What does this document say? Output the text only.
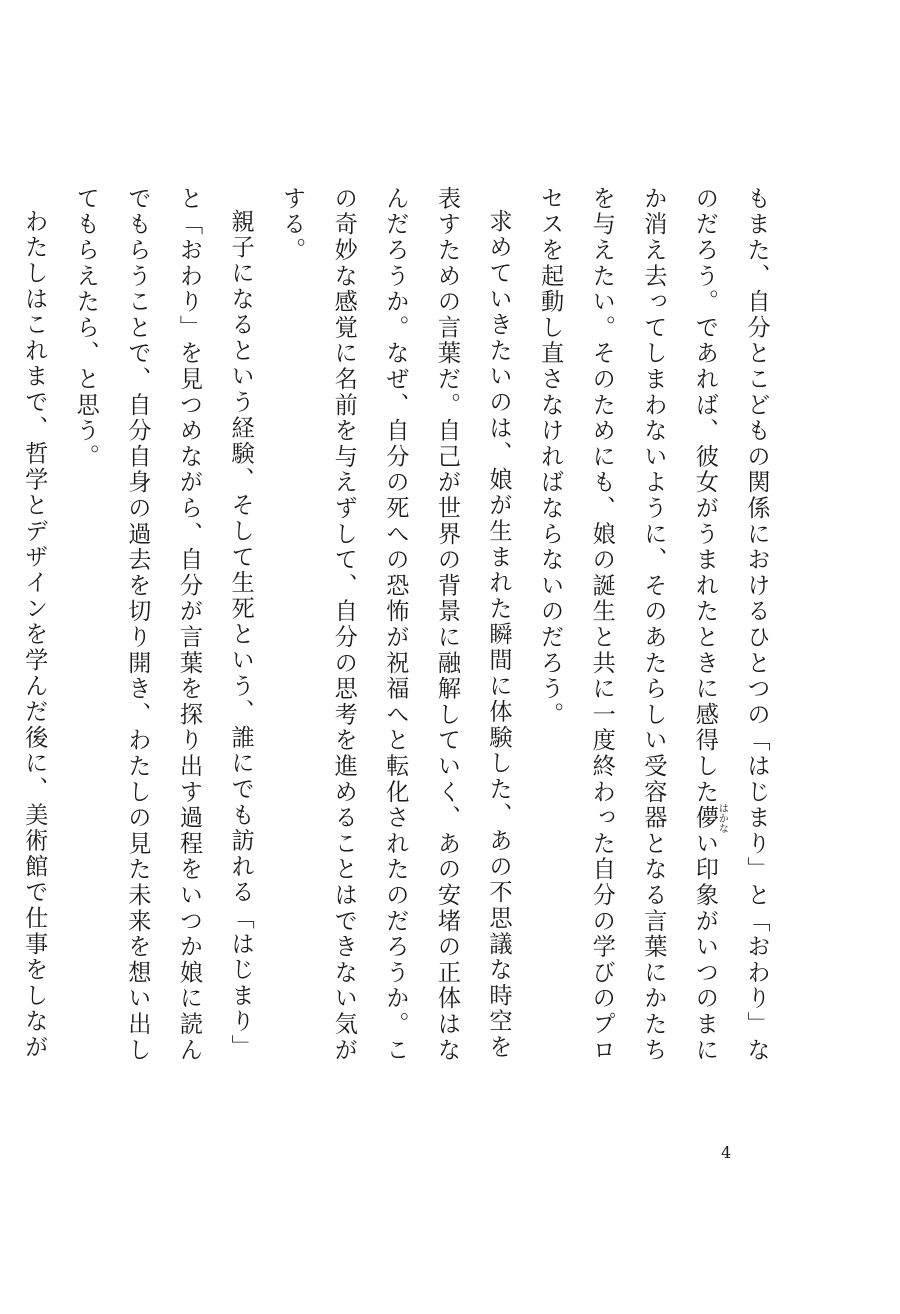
もまた、自分とこどもの関係におけるひとつの「はじまり」と「おわり」なのだろう。であれば、彼女がうまれたときに感得した儚はかない印象がいつのまにか消え去ってしまわないように、そのあたらしい受容器となる言葉にかたちを与えたい。そのためにも、娘の誕生と共に一度終わった自分の学びのプロセスを起動し直さなければならないのだろう。

求めていきたいのは、娘が生まれた瞬間に体験した、あの不思議な時空を表すための言葉だ。自己が世界の背景に融解していく、あの安堵の正体はなんだろうか。なぜ、自分の死への恐怖が祝福へと転化されたのだろうか。この奇妙な感覚に名前を与えずして、自分の思考を進めることはできない気がする。

親子になるという経験、そして生死という、誰にでも訪れる「はじまり」と「おわり」を見つめながら、自分が言葉を探り出す過程をいつか娘に読んでもらうことで、自分自身の過去を切り開き、わたしの見た未来を想い出してもらえたら、と思う。

わたしはこれまで、哲学とデザインを学んだ後に、美術館で仕事をしなが

4
